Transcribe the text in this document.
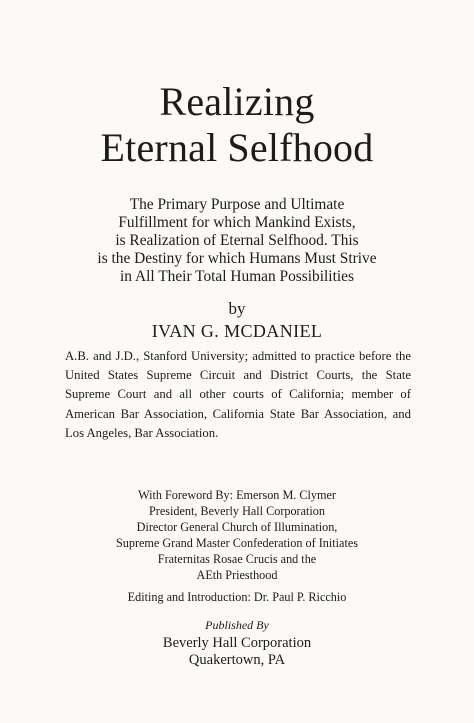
Realizing
Eternal Selfhood
The Primary Purpose and Ultimate
Fulfillment for which Mankind Exists,
is Realization of Eternal Selfhood. This
is the Destiny for which Humans Must Strive
in All Their Total Human Possibilities
by
IVAN G. MCDANIEL
A.B. and J.D., Stanford University; admitted to practice before the United States Supreme Circuit and District Courts, the State Supreme Court and all other courts of California; member of American Bar Association, California State Bar Association, and Los Angeles, Bar Association.
With Foreword By: Emerson M. Clymer
President, Beverly Hall Corporation
Director General Church of Illumination,
Supreme Grand Master Confederation of Initiates
Fraternitas Rosae Crucis and the
AEth Priesthood
Editing and Introduction: Dr. Paul P. Ricchio
Published By
Beverly Hall Corporation
Quakertown, PA
